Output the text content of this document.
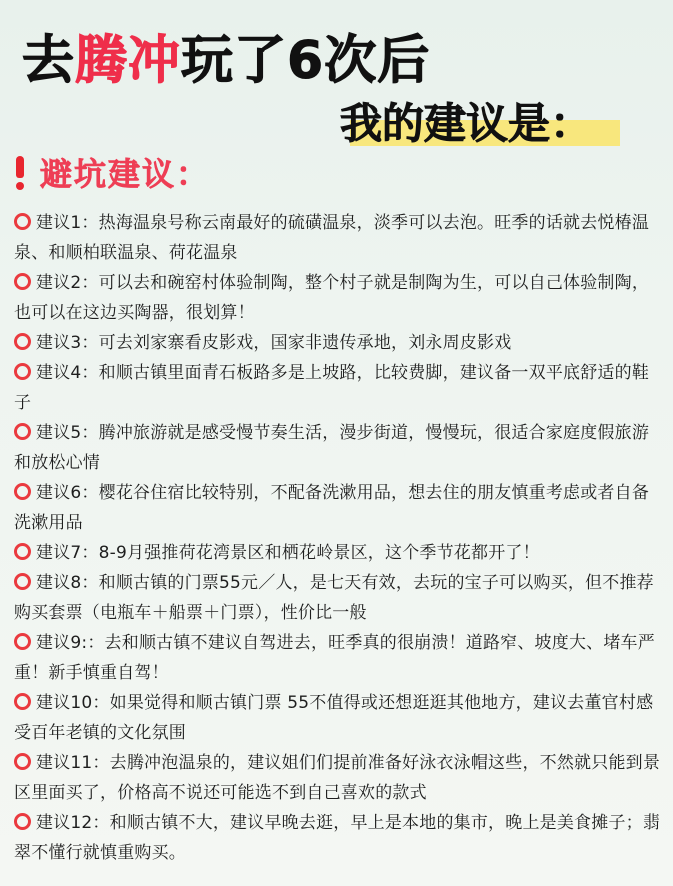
去 腾冲 玩了6次后
我的建议是：
避坑建议：
建议1：热海温泉号称云南最好的硫磺温泉，淡季可以去泡。旺季的话就去悦椿温泉、和顺柏联温泉、荷花温泉
建议2：可以去和碗窑村体验制陶，整个村子就是制陶为生，可以自己体验制陶，也可以在这边买陶器，很划算！
建议3：可去刘家寨看皮影戏，国家非遗传承地，刘永周皮影戏
建议4：和顺古镇里面青石板路多是上坡路，比较费脚，建议备一双平底舒适的鞋子
建议5：腾冲旅游就是感受慢节奏生活，漫步街道，慢慢玩，很适合家庭度假旅游和放松心情
建议6：樱花谷住宿比较特别，不配备洗漱用品，想去住的朋友慎重考虑或者自备洗漱用品
建议7：8-9月强推荷花湾景区和栖花岭景区，这个季节花都开了！
建议8：和顺古镇的门票55元／人，是七天有效，去玩的宝子可以购买，但不推荐购买套票（电瓶车＋船票＋门票），性价比一般
建议9:：去和顺古镇不建议自驾进去，旺季真的很崩溃！道路窄、坡度大、堵车严重！新手慎重自驾！
建议10：如果觉得和顺古镇门票 55不值得或还想逛逛其他地方，建议去董官村感受百年老镇的文化氛围
建议11：去腾冲泡温泉的，建议姐们们提前准备好泳衣泳帽这些，不然就只能到景区里面买了，价格高不说还可能选不到自己喜欢的款式
建议12：和顺古镇不大，建议早晚去逛，早上是本地的集市，晚上是美食摊子；翡翠不懂行就慎重购买。
